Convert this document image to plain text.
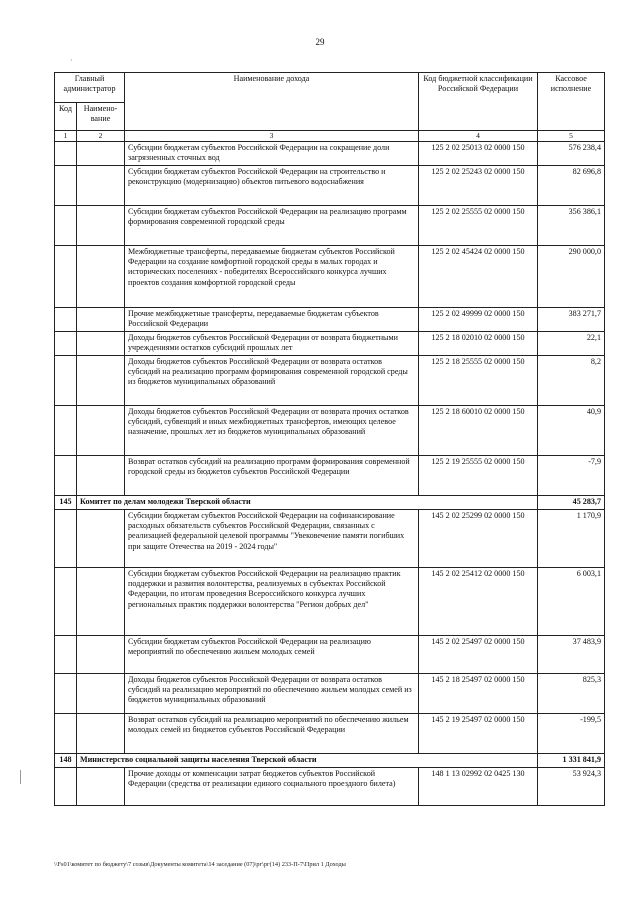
29
·
Главный администратор		Наименование дохода	Код бюджетной классификации Российской Федерации	Кассовое исполнение
Код	Наимено-вание			
1	2	3	4	5
		Субсидии бюджетам субъектов Российской Федерации на сокращение доли загрязненных сточных вод	125 2 02 25013 02 0000 150	576 238,4
		Субсидии бюджетам субъектов Российской Федерации на строительство и реконструкцию (модернизацию) объектов питьевого водоснабжения	125 2 02 25243 02 0000 150	82 696,8
		Субсидии бюджетам субъектов Российской Федерации на реализацию программ формирования современной городской среды	125 2 02 25555 02 0000 150	356 386,1
		Межбюджетные трансферты, передаваемые бюджетам субъектов Российской Федерации на создание комфортной городской среды в малых городах и исторических поселениях - победителях Всероссийского конкурса лучших проектов создания комфортной городской среды	125 2 02 45424 02 0000 150	290 000,0
		Прочие межбюджетные трансферты, передаваемые бюджетам субъектов Российской Федерации	125 2 02 49999 02 0000 150	383 271,7
		Доходы бюджетов субъектов Российской Федерации от возврата бюджетными учреждениями остатков субсидий прошлых лет	125 2 18 02010 02 0000 150	22,1
		Доходы бюджетов субъектов Российской Федерации от возврата остатков субсидий на реализацию программ формирования современной городской среды из бюджетов муниципальных образований	125 2 18 25555 02 0000 150	8,2
		Доходы бюджетов субъектов Российской Федерации от возврата прочих остатков субсидий, субвенций и иных межбюджетных трансфертов, имеющих целевое назначение, прошлых лет из бюджетов муниципальных образований	125 2 18 60010 02 0000 150	40,9
		Возврат остатков субсидий на реализацию программ формирования современной городской среды из бюджетов субъектов Российской Федерации	125 2 19 25555 02 0000 150	-7,9
145	Комитет по делам молодежи Тверской области			45 283,7
		Субсидии бюджетам субъектов Российской Федерации на софинансирование расходных обязательств субъектов Российской Федерации, связанных с реализацией федеральной целевой программы "Увековечение памяти погибших при защите Отечества на 2019 - 2024 годы"	145 2 02 25299 02 0000 150	1 170,9
		Субсидии бюджетам субъектов Российской Федерации на реализацию практик поддержки и развития волонтерства, реализуемых в субъектах Российской Федерации, по итогам проведения Всероссийского конкурса лучших региональных практик поддержки волонтерства "Регион добрых дел"	145 2 02 25412 02 0000 150	6 003,1
		Субсидии бюджетам субъектов Российской Федерации на реализацию мероприятий по обеспечению жильем молодых семей	145 2 02 25497 02 0000 150	37 483,9
		Доходы бюджетов субъектов Российской Федерации от возврата остатков субсидий на реализацию мероприятий по обеспечению жильем молодых семей из бюджетов муниципальных образований	145 2 18 25497 02 0000 150	825,3
		Возврат остатков субсидий на реализацию мероприятий по обеспечению жильем молодых семей из бюджетов субъектов Российской Федерации	145 2 19 25497 02 0000 150	-199,5
148	Министерство социальной защиты населения Тверской области			1 331 841,9
		Прочие доходы от компенсации затрат бюджетов субъектов Российской Федерации (средства от реализации единого социального проездного билета)	148 1 13 02992 02 0425 130	53 924,3
\\Fs01\комитет по бюджету\7 созыв\Документы комитета\14 заседание (07)\рг\рг(14) 233-П-7\Прил 1 Доходы
